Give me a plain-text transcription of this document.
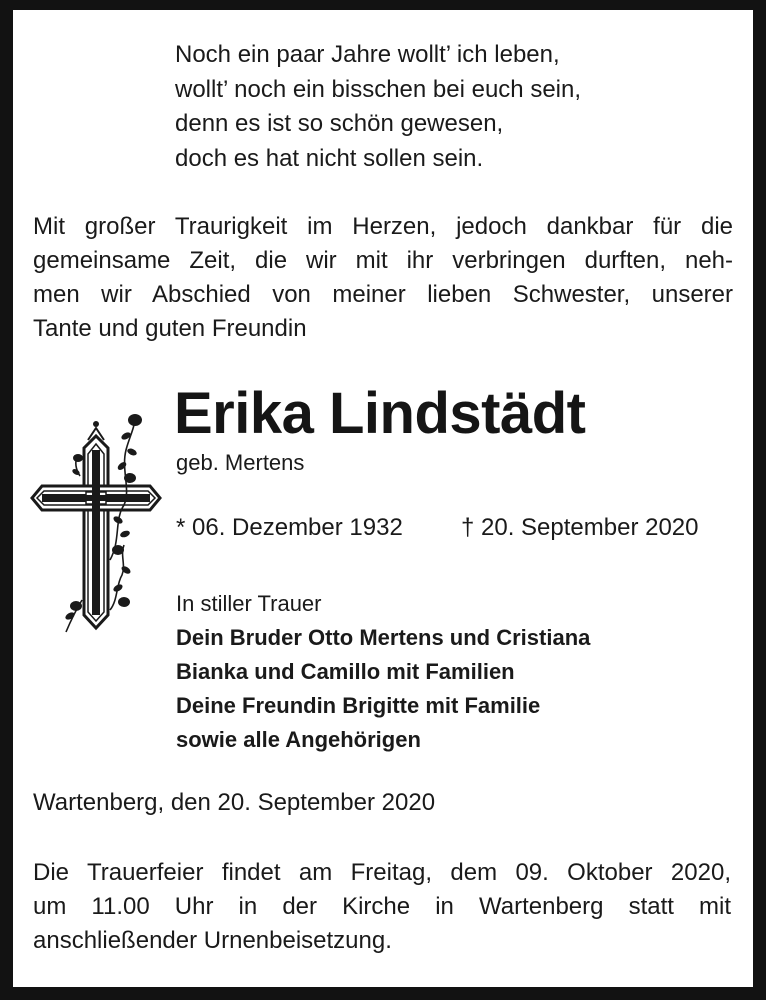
Noch ein paar Jahre wollt’ ich leben,
wollt’ noch ein bisschen bei euch sein,
denn es ist so schön gewesen,
doch es hat nicht sollen sein.
Mit großer Traurigkeit im Herzen, jedoch dankbar für die
gemeinsame Zeit, die wir mit ihr verbringen durften, neh-
men wir Abschied von meiner lieben Schwester, unserer
Tante und guten Freundin
Erika Lindstädt
geb. Mertens
* 06. Dezember 1932 † 20. September 2020
In stiller Trauer
Dein Bruder Otto Mertens und Cristiana
Bianka und Camillo mit Familien
Deine Freundin Brigitte mit Familie
sowie alle Angehörigen
Wartenberg, den 20. September 2020
Die Trauerfeier findet am Freitag, dem 09. Oktober 2020,
um 11.00 Uhr in der Kirche in Wartenberg statt mit
anschließender Urnenbeisetzung.
